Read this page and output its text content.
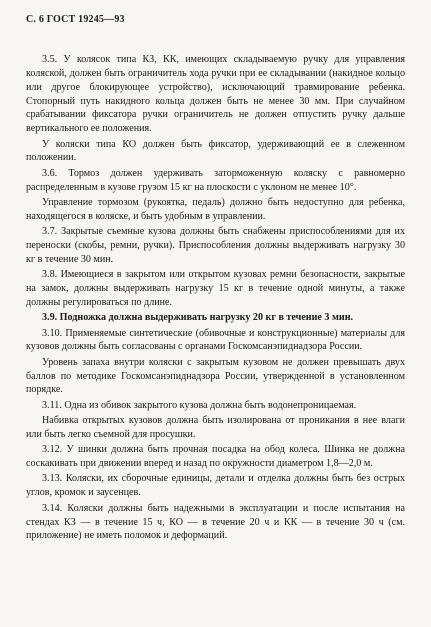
С. 6 ГОСТ 19245—93

3.5. У колясок типа КЗ, КК, имеющих складываемую ручку для управления коляской, должен быть ограничитель хода ручки при ее складывании (накидное кольцо или другое блокирующее устройство), исключающий травмирование ребенка. Стопорный путь накидного кольца должен быть не менее 30 мм. При случайном срабатывании фиксатора ручки ограничитель не должен отпустить ручку дальше вертикального ее положения.

У коляски типа КО должен быть фиксатор, удерживающий ее в слеженном положении.

3.6. Тормоз должен удерживать заторможенную коляску с равномерно распределенным в кузове грузом 15 кг на плоскости с уклоном не менее 10°.

Управление тормозом (рукоятка, педаль) должно быть недоступно для ребенка, находящегося в коляске, и быть удобным в управлении.

3.7. Закрытые съемные кузова должны быть снабжены приспособлениями для их переноски (скобы, ремни, ручки). Приспособления должны выдерживать нагрузку 30 кг в течение 30 мин.

3.8. Имеющиеся в закрытом или открытом кузовах ремни безопасности, закрытые на замок, должны выдерживать нагрузку 15 кг в течение одной минуты, а также должны регулироваться по длине.

3.9. Подножка должна выдерживать нагрузку 20 кг в течение 3 мин.

3.10. Применяемые синтетические (обивочные и конструкционные) материалы для кузовов должны быть согласованы с органами Госкомсанэпиднадзора России.

Уровень запаха внутри коляски с закрытым кузовом не должен превышать двух баллов по методике Госкомсанэпиднадзора России, утвержденной в установленном порядке.

3.11. Одна из обивок закрытого кузова должна быть водонепроницаемая.

Набивка открытых кузовов должна быть изолирована от проникания в нее влаги или быть легко съемной для просушки.

3.12. У шинки должна быть прочная посадка на обод колеса. Шинка не должна соскакивать при движении вперед и назад по окружности диаметром 1,8—2,0 м.

3.13. Коляски, их сборочные единицы, детали и отделка должны быть без острых углов, кромок и заусенцев.

3.14. Коляски должны быть надежными в эксплуатации и после испытания на стендах КЗ — в течение 15 ч, КО — в течение 20 ч и КК — в течение 30 ч (см. приложение) не иметь поломок и деформаций.
